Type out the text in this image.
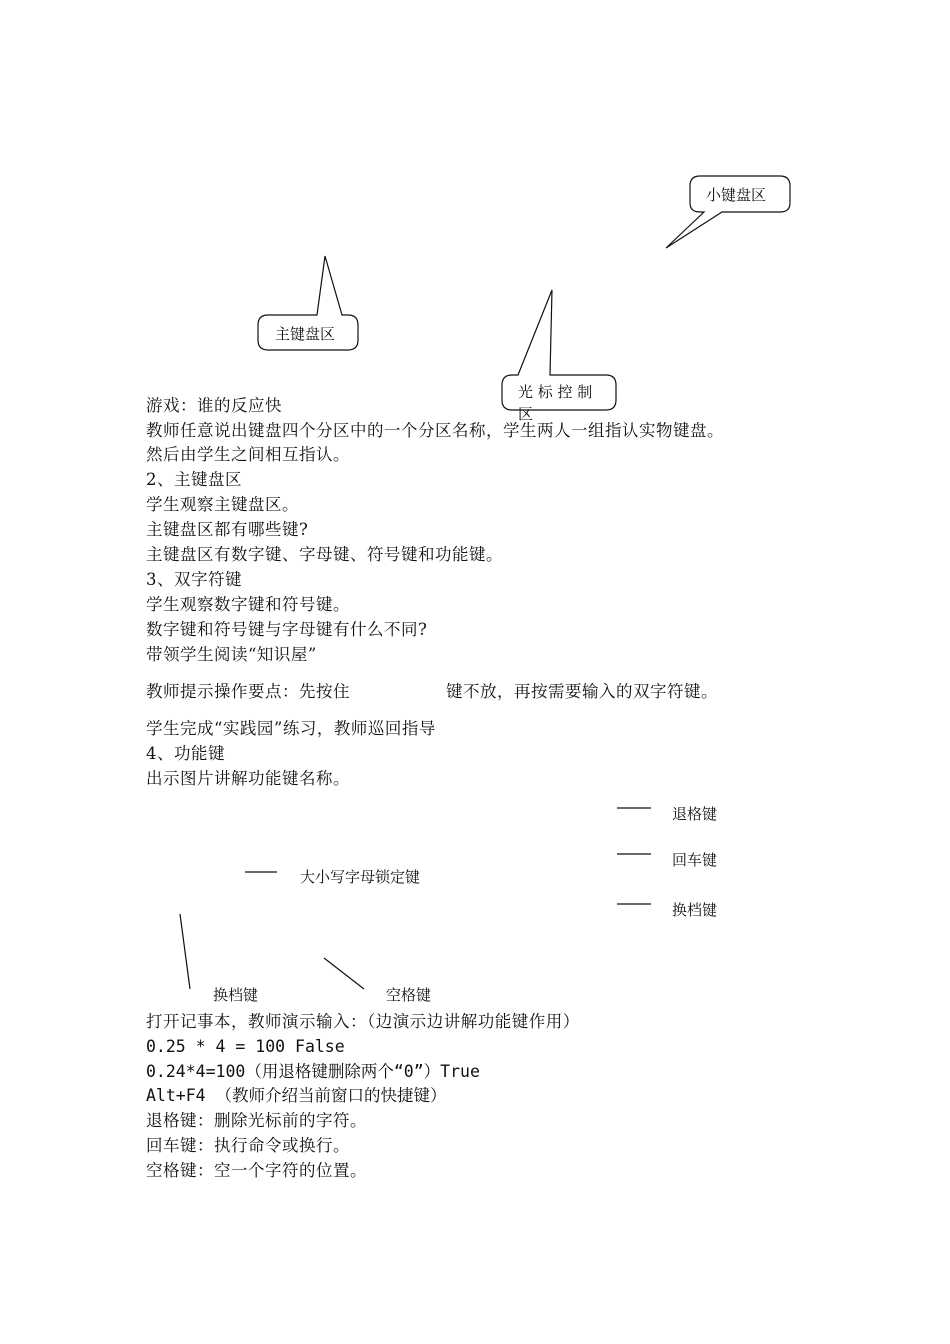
小键盘区
主键盘区
光 标 控 制
区
游戏：谁的反应快
教师任意说出键盘四个分区中的一个分区名称，学生两人一组指认实物键盘。
然后由学生之间相互指认。
2、主键盘区
学生观察主键盘区。
主键盘区都有哪些键?
主键盘区有数字键、字母键、符号键和功能键。
3、双字符键
学生观察数字键和符号键。
数字键和符号键与字母键有什么不同?
带领学生阅读“知识屋”
教师提示操作要点：先按住	键不放，再按需要输入的双字符键。
学生完成“实践园”练习，教师巡回指导
4、功能键
出示图片讲解功能键名称。
退格键
回车键
大小写字母锁定键
换档键
换档键	空格键
打开记事本，教师演示输入：（边演示边讲解功能键作用）
0.25 * 4 = 100 False
0.24*4=100（用退格键删除两个“0”）True
Alt+F4 （教师介绍当前窗口的快捷键）
退格键：删除光标前的字符。
回车键：执行命令或换行。
空格键：空一个字符的位置。
